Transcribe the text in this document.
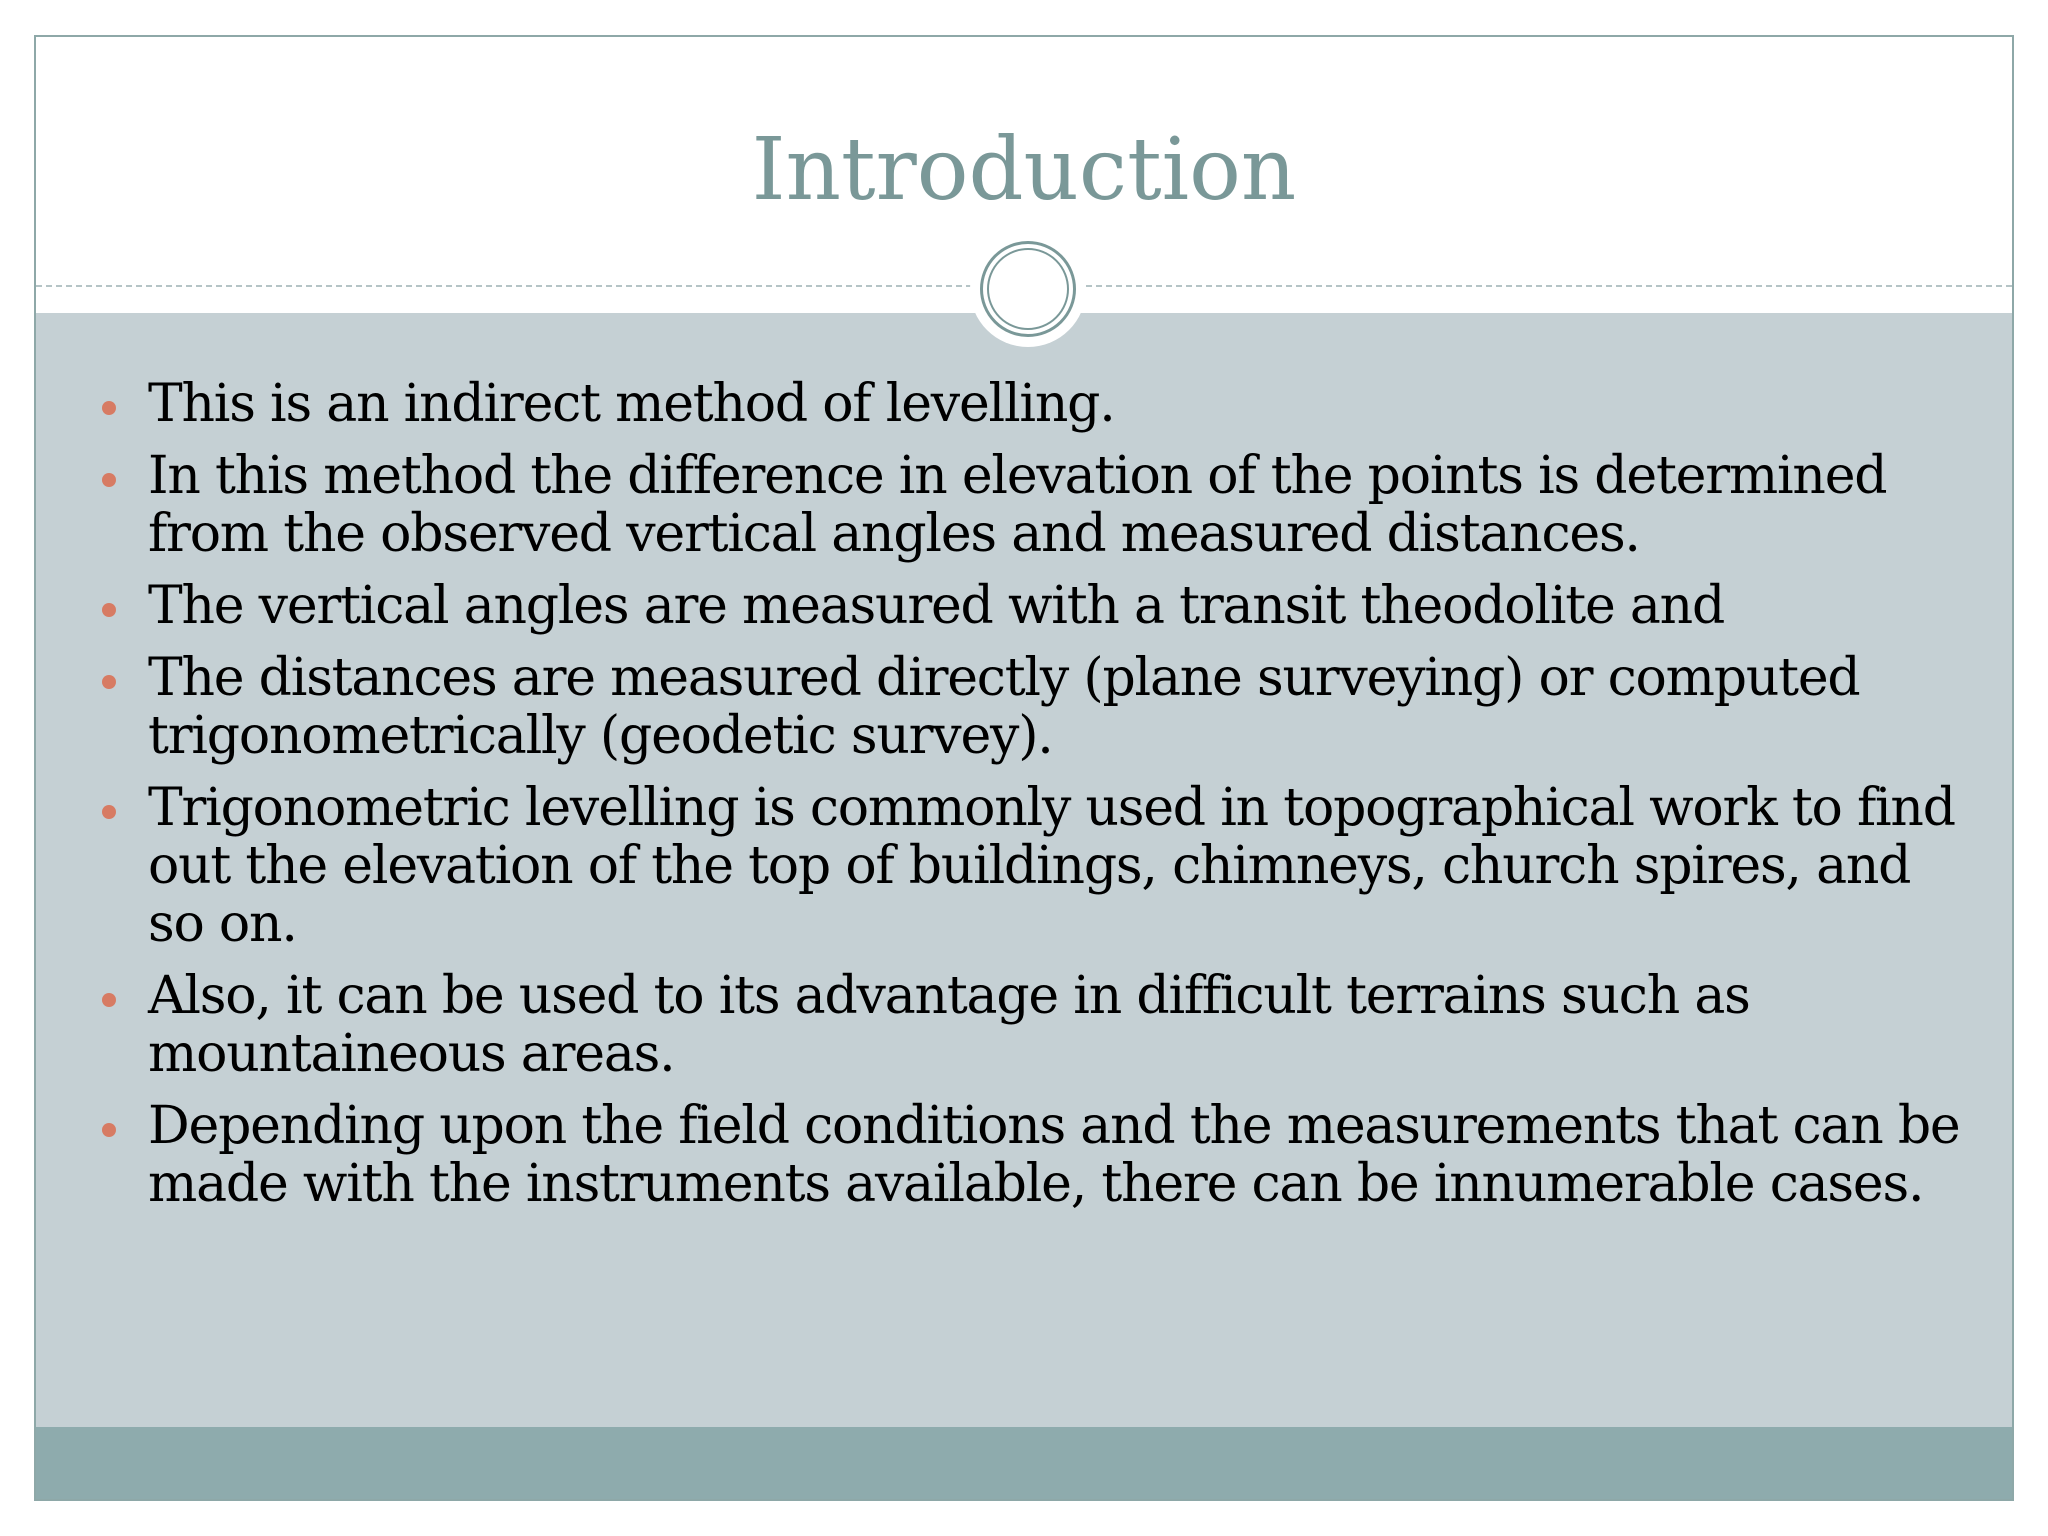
Introduction
This is an indirect method of levelling.
In this method the difference in elevation of the points is determined from the observed vertical angles and measured distances.
The vertical angles are measured with a transit theodolite and
The distances are measured directly (plane surveying) or computed trigonometrically (geodetic survey).
Trigonometric levelling is commonly used in topographical work to find out the elevation of the top of buildings, chimneys, church spires, and so on.
Also, it can be used to its advantage in difficult terrains such as mountaineous areas.
Depending upon the field conditions and the measurements that can be made with the instruments available, there can be innumerable cases.
